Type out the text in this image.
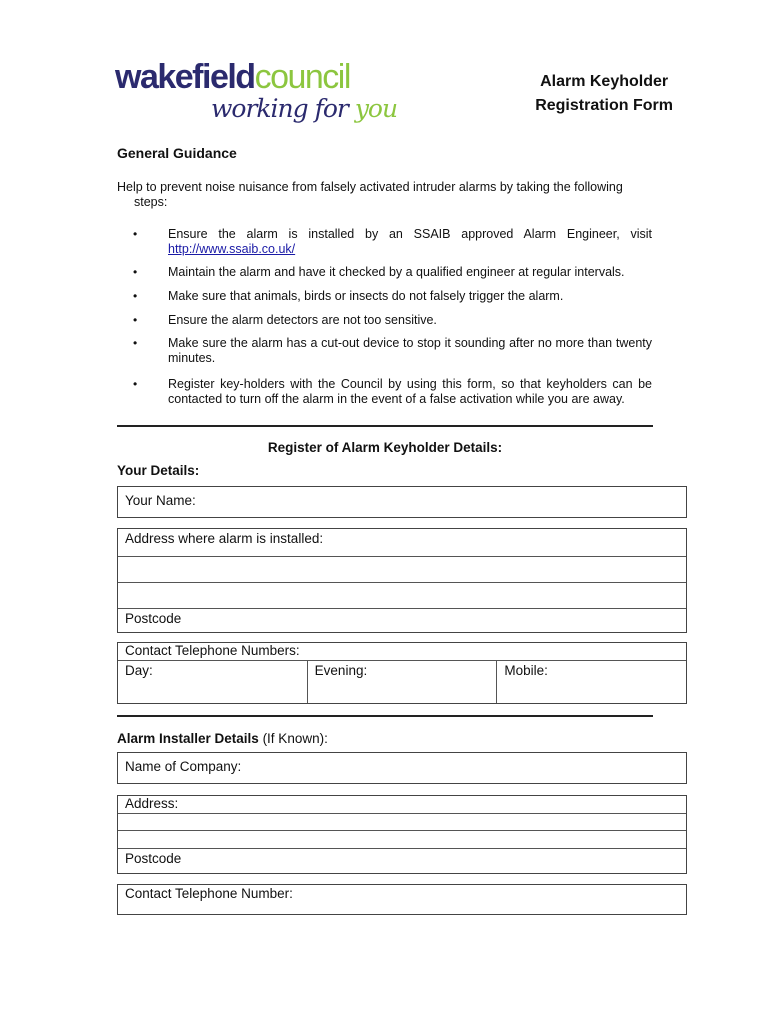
wakefieldcouncil
working for you
Alarm Keyholder
Registration Form
General Guidance
Help to prevent noise nuisance from falsely activated intruder alarms by taking the following steps:
• Ensure the alarm is installed by an SSAIB approved Alarm Engineer, visit http://www.ssaib.co.uk/
• Maintain the alarm and have it checked by a qualified engineer at regular intervals.
• Make sure that animals, birds or insects do not falsely trigger the alarm.
• Ensure the alarm detectors are not too sensitive.
• Make sure the alarm has a cut-out device to stop it sounding after no more than twenty minutes.
• Register key-holders with the Council by using this form, so that keyholders can be contacted to turn off the alarm in the event of a false activation while you are away.
Register of Alarm Keyholder Details:
Your Details:
Your Name:
Address where alarm is installed:
Postcode
Contact Telephone Numbers:
Day:	Evening:	Mobile:
Alarm Installer Details (If Known):
Name of Company:
Address:
Postcode
Contact Telephone Number:
